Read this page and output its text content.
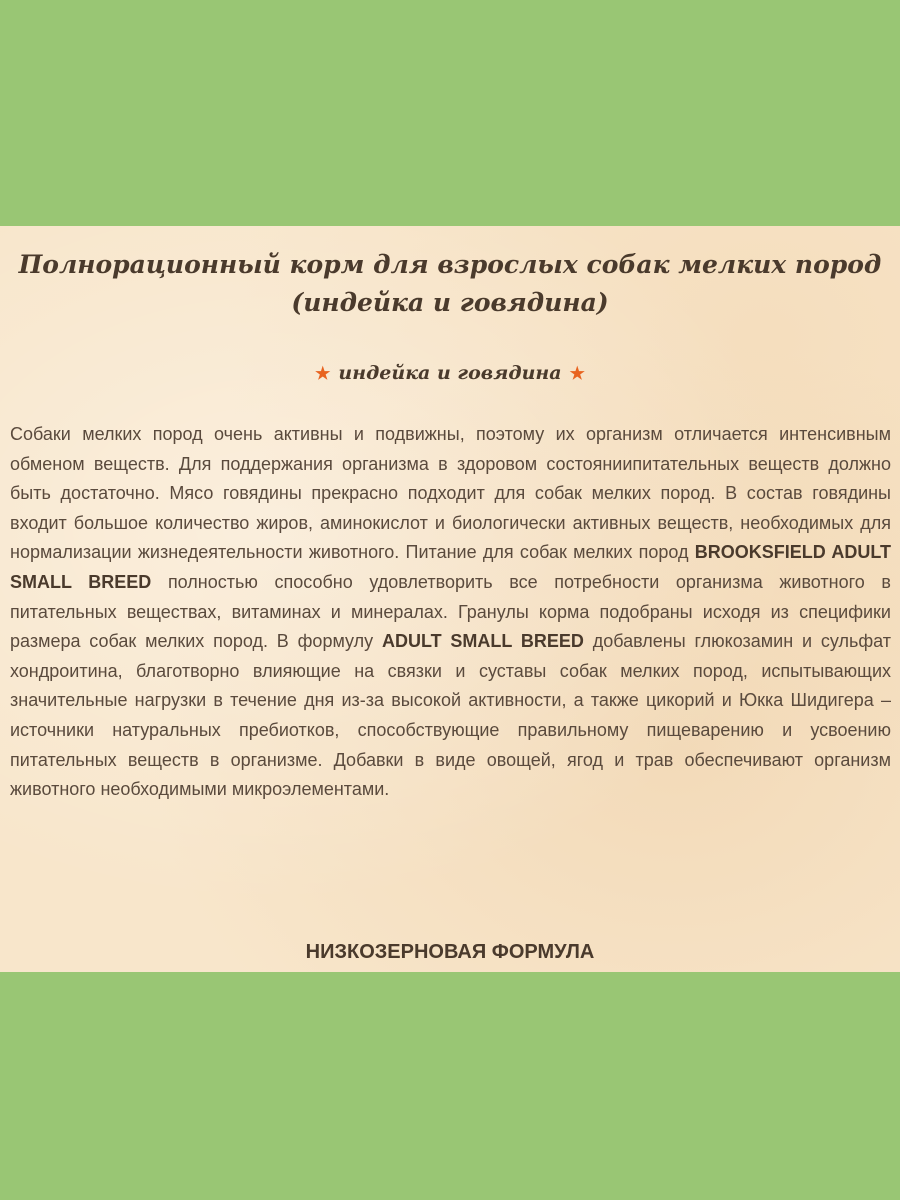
Полнорационный корм для взрослых собак мелких пород
(индейка и говядина)
★ индейка и говядина ★

Собаки мелких пород очень активны и подвижны, поэтому их организм отличается интенсивным обменом веществ. Для поддержания организма в здоровом состояниипитательных веществ должно быть достаточно. Мясо говядины прекрасно подходит для собак мелких пород. В состав говядины входит большое количество жиров, аминокислот и биологически активных веществ, необходимых для нормализации жизнедеятельности животного. Питание для собак мелких пород BROOKSFIELD ADULT SMALL BREED полностью способно удовлетворить все потребности организма животного в питательных веществах, витаминах и минералах. Гранулы корма подобраны исходя из специфики размера собак мелких пород. В формулу ADULT SMALL BREED добавлены глюкозамин и сульфат хондроитина, благотворно влияющие на связки и суставы собак мелких пород, испытывающих значительные нагрузки в течение дня из-за высокой активности, а также цикорий и Юкка Шидигера – источники натуральных пребиотков, способствующие правильному пищеварению и усвоению питательных веществ в организме. Добавки в виде овощей, ягод и трав обеспечивают организм животного необходимыми микроэлементами.

НИЗКОЗЕРНОВАЯ ФОРМУЛА
